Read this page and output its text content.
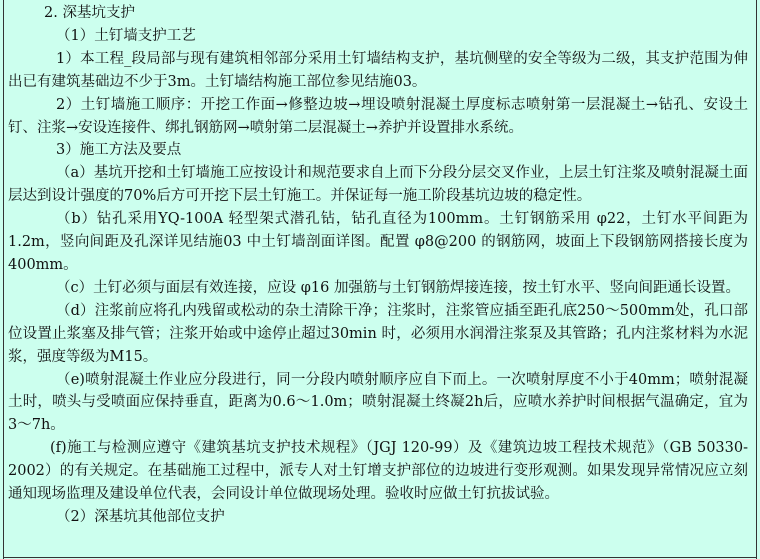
2. 深基坑支护

（1）土钉墙支护工艺

1）本工程_段局部与现有建筑相邻部分采用土钉墙结构支护，基坑侧壁的安全等级为二级，其支护范围为伸出已有建筑基础边不少于3m。土钉墙结构施工部位参见结施03。

2）土钉墙施工顺序：开挖工作面→修整边坡→埋设喷射混凝土厚度标志喷射第一层混凝土→钻孔、安设土钉、注浆→安设连接件、绑扎钢筋网→喷射第二层混凝土→养护并设置排水系统。

3）施工方法及要点

（a）基坑开挖和土钉墙施工应按设计和规范要求自上而下分段分层交叉作业，上层土钉注浆及喷射混凝土面层达到设计强度的70%后方可开挖下层土钉施工。并保证每一施工阶段基坑边坡的稳定性。

（b）钻孔采用YQ-100A 轻型架式潜孔钻，钻孔直径为100mm。土钉钢筋采用 φ22，土钉水平间距为1.2m，竖向间距及孔深详见结施03 中土钉墙剖面详图。配置 φ8@200 的钢筋网，坡面上下段钢筋网搭接长度为400mm。

（c）土钉必须与面层有效连接，应设 φ16 加强筋与土钉钢筋焊接连接，按土钉水平、竖向间距通长设置。

（d）注浆前应将孔内残留或松动的杂土清除干净；注浆时，注浆管应插至距孔底250～500mm处，孔口部位设置止浆塞及排气管；注浆开始或中途停止超过30min 时，必须用水润滑注浆泵及其管路；孔内注浆材料为水泥浆，强度等级为M15。

（e)喷射混凝土作业应分段进行，同一分段内喷射顺序应自下而上。一次喷射厚度不小于40mm；喷射混凝土时，喷头与受喷面应保持垂直，距离为0.6～1.0m；喷射混凝土终凝2h后，应喷水养护时间根据气温确定，宜为3～7h。

(f)施工与检测应遵守《建筑基坑支护技术规程》（JGJ 120-99）及《建筑边坡工程技术规范》（GB 50330-2002）的有关规定。在基础施工过程中，派专人对土钉增支护部位的边坡进行变形观测。如果发现异常情况应立刻通知现场监理及建设单位代表，会同设计单位做现场处理。验收时应做土钉抗拔试验。

（2）深基坑其他部位支护
